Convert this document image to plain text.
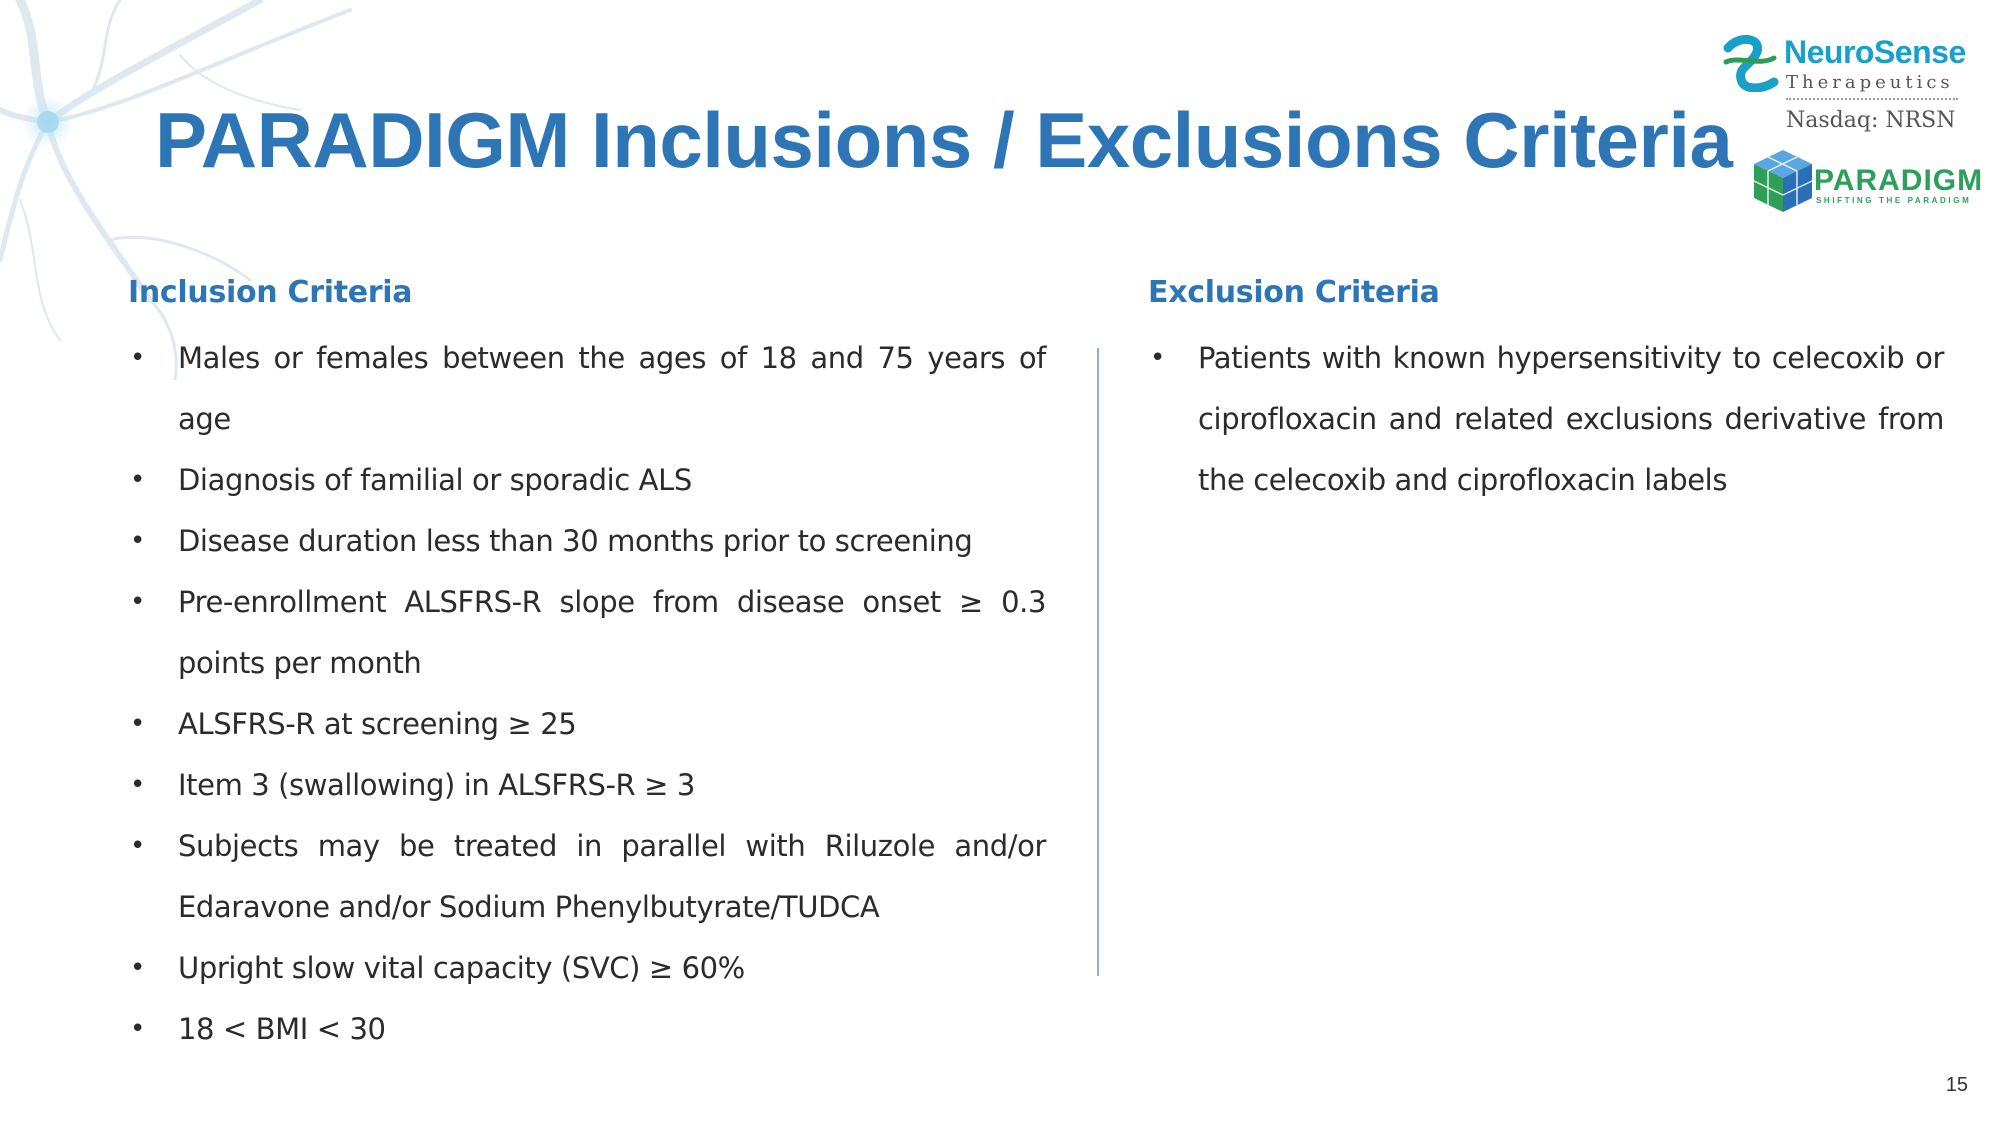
PARADIGM Inclusions / Exclusions Criteria
NeuroSense
Therapeutics
Nasdaq: NRSN
PARADIGM
SHIFTING THE PARADIGM
Inclusion Criteria
• Males or females between the ages of 18 and 75 years of age
• Diagnosis of familial or sporadic ALS
• Disease duration less than 30 months prior to screening
• Pre-enrollment ALSFRS-R slope from disease onset ≥ 0.3 points per month
• ALSFRS-R at screening ≥ 25
• Item 3 (swallowing) in ALSFRS-R ≥ 3
• Subjects may be treated in parallel with Riluzole and/or Edaravone and/or Sodium Phenylbutyrate/TUDCA
• Upright slow vital capacity (SVC) ≥ 60%
• 18 < BMI < 30
Exclusion Criteria
• Patients with known hypersensitivity to celecoxib or ciprofloxacin and related exclusions derivative from the celecoxib and ciprofloxacin labels
15
